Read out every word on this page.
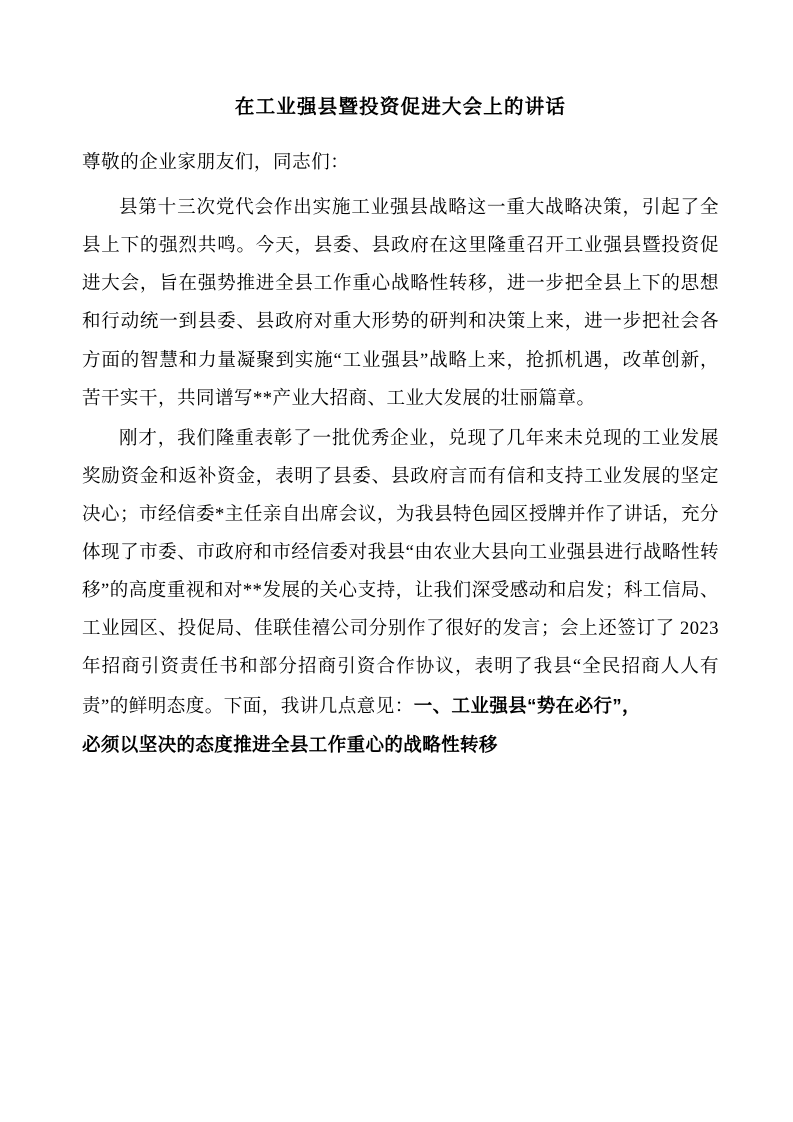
在工业强县暨投资促进大会上的讲话

尊敬的企业家朋友们，同志们：

县第十三次党代会作出实施工业强县战略这一重大战略决策，引起了全县上下的强烈共鸣。今天，县委、县政府在这里隆重召开工业强县暨投资促进大会，旨在强势推进全县工作重心战略性转移，进一步把全县上下的思想和行动统一到县委、县政府对重大形势的研判和决策上来，进一步把社会各方面的智慧和力量凝聚到实施“工业强县”战略上来，抢抓机遇，改革创新，苦干实干，共同谱写**产业大招商、工业大发展的壮丽篇章。

刚才，我们隆重表彰了一批优秀企业，兑现了几年来未兑现的工业发展奖励资金和返补资金，表明了县委、县政府言而有信和支持工业发展的坚定决心；市经信委*主任亲自出席会议，为我县特色园区授牌并作了讲话，充分体现了市委、市政府和市经信委对我县“由农业大县向工业强县进行战略性转移”的高度重视和对**发展的关心支持，让我们深受感动和启发；科工信局、工业园区、投促局、佳联佳禧公司分别作了很好的发言；会上还签订了 2023 年招商引资责任书和部分招商引资合作协议，表明了我县“全民招商人人有责”的鲜明态度。下面，我讲几点意见：一、工业强县“势在必行”，

必须以坚决的态度推进全县工作重心的战略性转移
